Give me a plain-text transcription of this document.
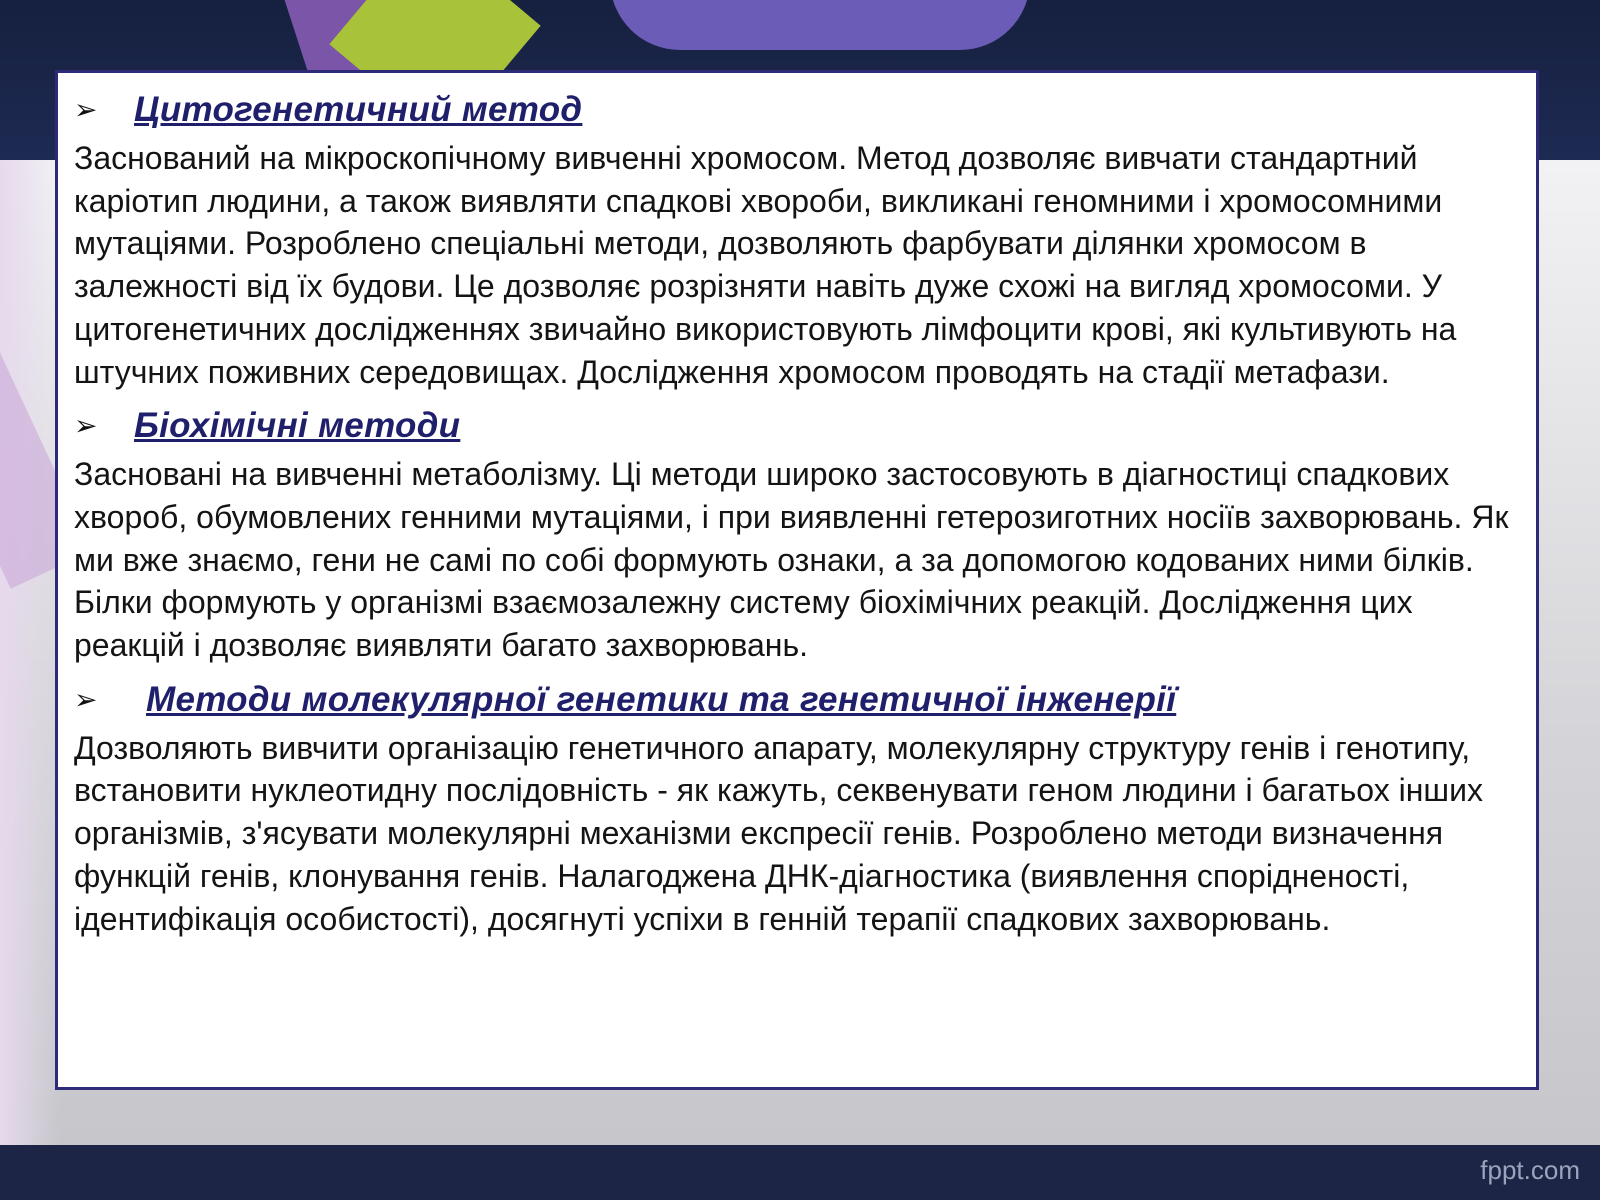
fppt.com
➢	Цитогенетичний метод

Заснований на мікроскопічному вивченні хромосом. Метод дозволяє вивчати стандартний каріотип людини, а також виявляти спадкові хвороби, викликані геномними і хромосомними мутаціями. Розроблено спеціальні методи, дозволяють фарбувати ділянки хромосом в залежності від їх будови. Це дозволяє розрізняти навіть дуже схожі на вигляд хромосоми. У цитогенетичних дослідженнях звичайно використовують лімфоцити крові, які культивують на штучних поживних середовищах. Дослідження хромосом проводять на стадії метафази.

➢	Біохімічні методи

Засновані на вивченні метаболізму. Ці методи широко застосовують в діагностиці спадкових хвороб, обумовлених генними мутаціями, і при виявленні гетерозиготних носіїв захворювань. Як ми вже знаємо, гени не самі по собі формують ознаки, а за допомогою кодованих ними білків. Білки формують у організмі взаємозалежну систему біохімічних реакцій. Дослідження цих реакцій і дозволяє виявляти багато захворювань.

➢	Методи молекулярної генетики та генетичної інженерії

Дозволяють вивчити організацію генетичного апарату, молекулярну структуру генів і генотипу, встановити нуклеотидну послідовність - як кажуть, секвенувати геном людини і багатьох інших організмів, з'ясувати молекулярні механізми експресії генів. Розроблено методи визначення функцій генів, клонування генів. Налагоджена ДНК-діагностика (виявлення спорідненості, ідентифікація особистості), досягнуті успіхи в генній терапії спадкових захворювань.
